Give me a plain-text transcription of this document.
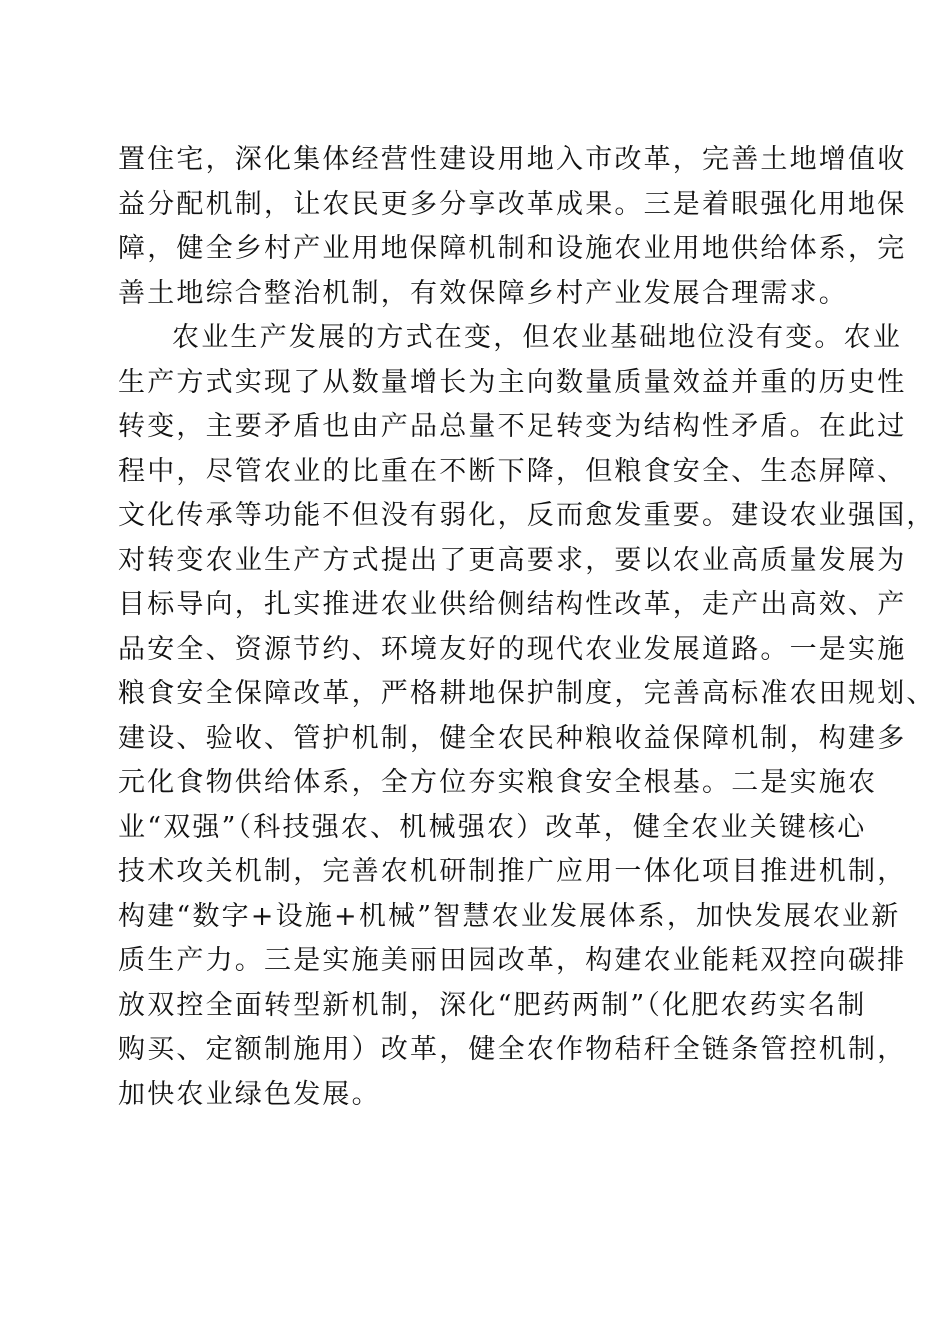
置住宅，深化集体经营性建设用地入市改革，完善土地增值收
益分配机制，让农民更多分享改革成果。三是着眼强化用地保
障，健全乡村产业用地保障机制和设施农业用地供给体系，完
善土地综合整治机制，有效保障乡村产业发展合理需求。
农业生产发展的方式在变，但农业基础地位没有变。农业
生产方式实现了从数量增长为主向数量质量效益并重的历史性
转变，主要矛盾也由产品总量不足转变为结构性矛盾。在此过
程中，尽管农业的比重在不断下降，但粮食安全、生态屏障、
文化传承等功能不但没有弱化，反而愈发重要。建设农业强国，
对转变农业生产方式提出了更高要求，要以农业高质量发展为
目标导向，扎实推进农业供给侧结构性改革，走产出高效、产
品安全、资源节约、环境友好的现代农业发展道路。一是实施
粮食安全保障改革，严格耕地保护制度，完善高标准农田规划、
建设、验收、管护机制，健全农民种粮收益保障机制，构建多
元化食物供给体系，全方位夯实粮食安全根基。二是实施农
业“双强”（科技强农、机械强农）改革，健全农业关键核心
技术攻关机制，完善农机研制推广应用一体化项目推进机制，
构建“数字+设施+机械”智慧农业发展体系，加快发展农业新
质生产力。三是实施美丽田园改革，构建农业能耗双控向碳排
放双控全面转型新机制，深化“肥药两制”（化肥农药实名制
购买、定额制施用）改革，健全农作物秸秆全链条管控机制，
加快农业绿色发展。
